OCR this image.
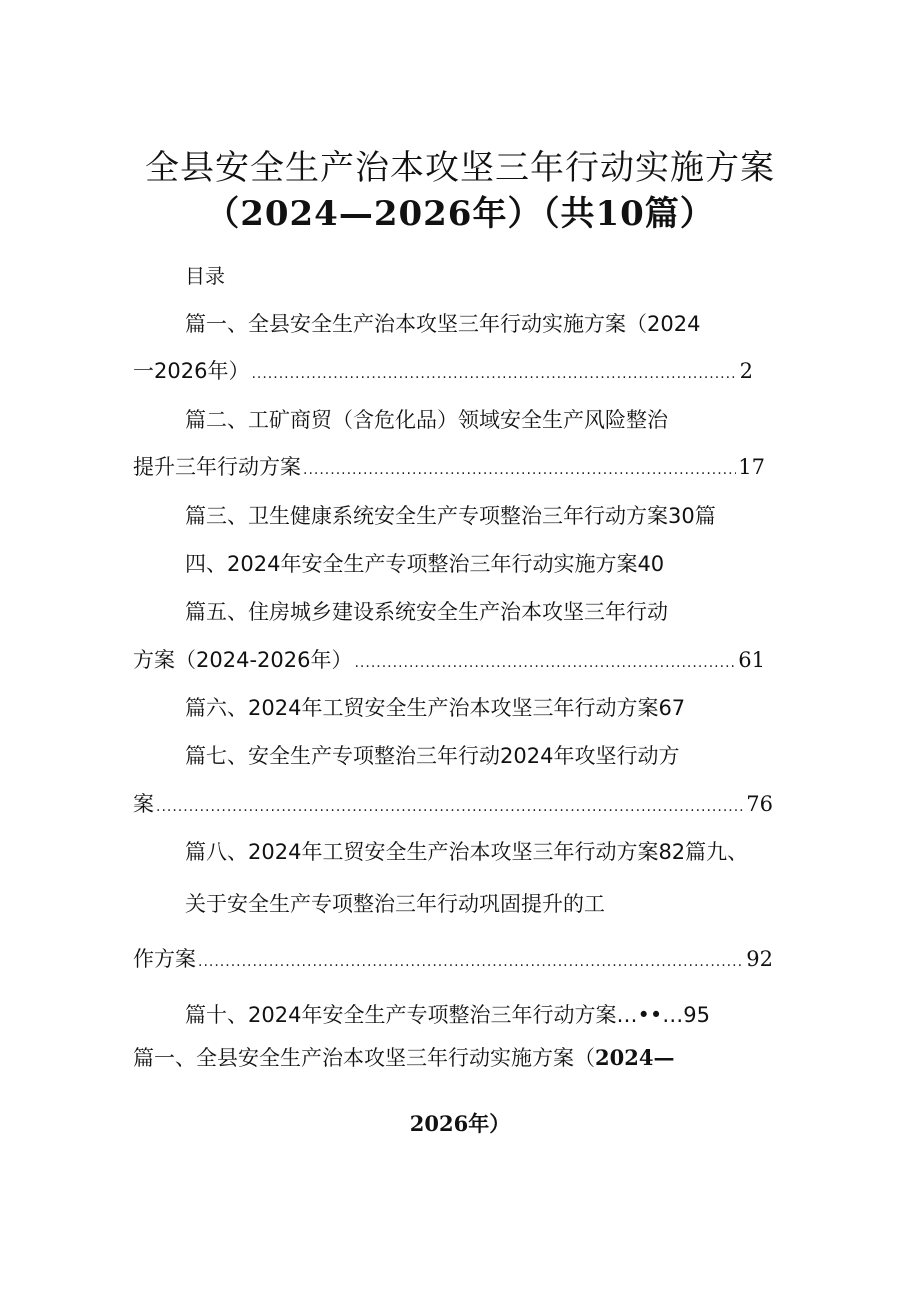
全县安全生产治本攻坚三年行动实施方案
（2024—2026年）（共10篇）
目录
篇一、全县安全生产治本攻坚三年行动实施方案（2024
一2026年） .....	2
篇二、工矿商贸（含危化品）领域安全生产风险整治
提升三年行动方案 .....	17
篇三、卫生健康系统安全生产专项整治三年行动方案30篇
四、2024年安全生产专项整治三年行动实施方案40
篇五、住房城乡建设系统安全生产治本攻坚三年行动
方案（2024-2026年） .....	61
篇六、2024年工贸安全生产治本攻坚三年行动方案67
篇七、安全生产专项整治三年行动2024年攻坚行动方
案 .....	76
篇八、2024年工贸安全生产治本攻坚三年行动方案82篇九、
关于安全生产专项整治三年行动巩固提升的工
作方案 .....	92
篇十、2024年安全生产专项整治三年行动方案…••…95
篇一、全县安全生产治本攻坚三年行动实施方案（2024—
2026年）
